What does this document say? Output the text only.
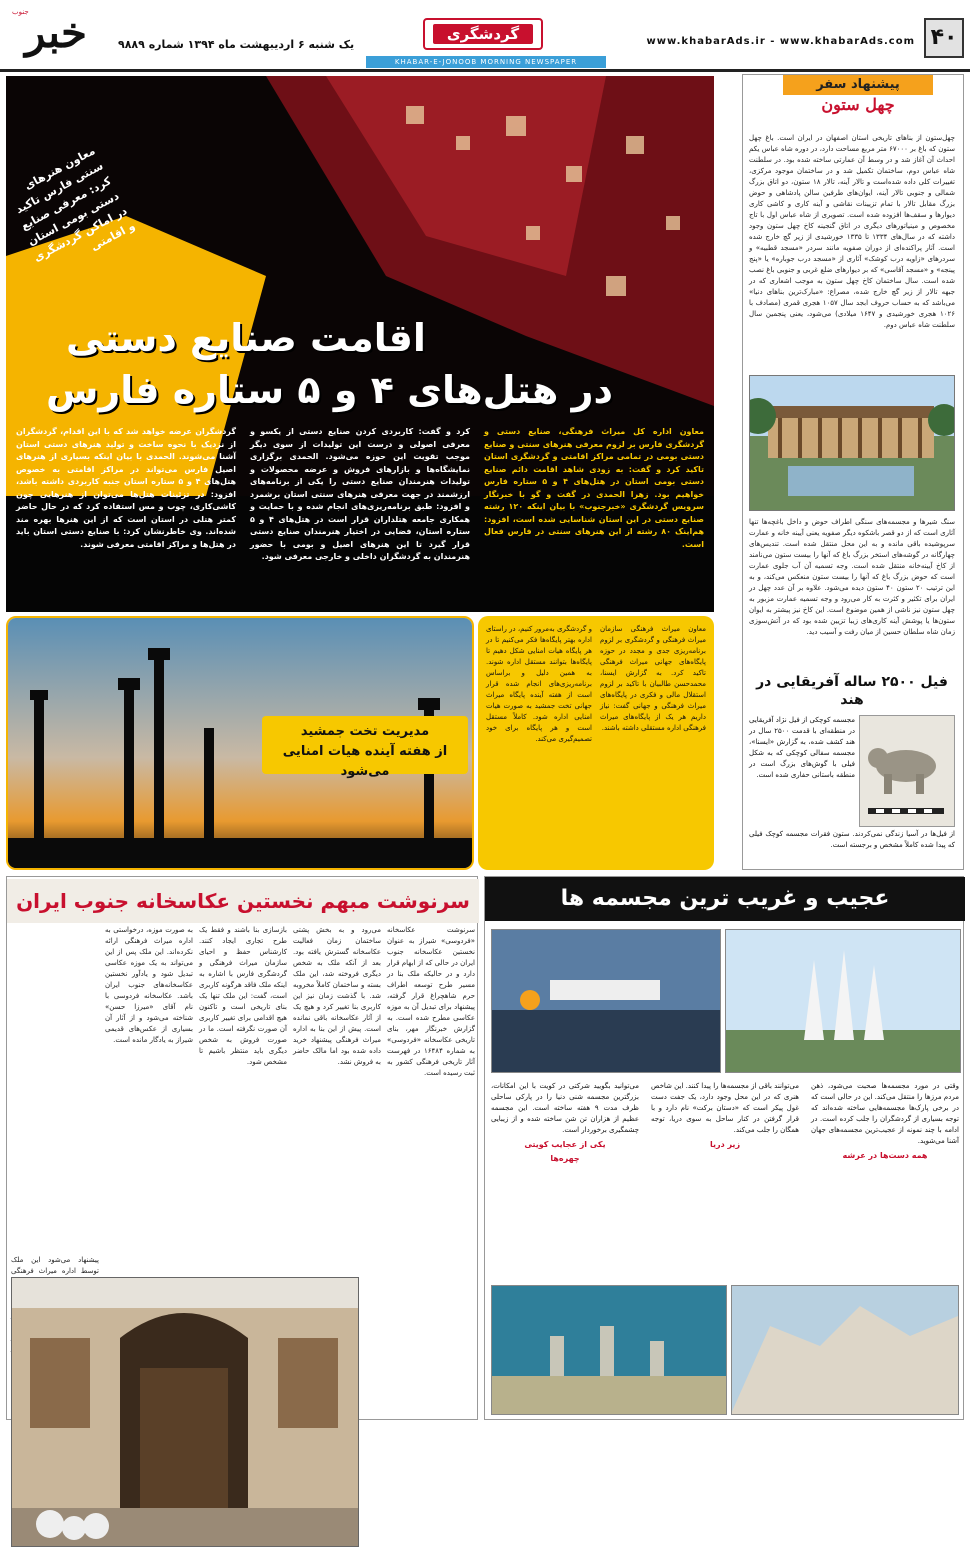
۴۰
www.khabarAds.ir - www.khabarAds.com
گردشگری
یک شنبه ۶ اردیبهشت ماه ۱۳۹۴ شماره ۹۸۸۹
خبر
جنوب
KHABAR-E-JONOOB MORNING NEWSPAPER
پیشنهاد سفر
چهل ستون
چهل‌ستون از بناهای تاریخی استان اصفهان در ایران است. باغ چهل ستون که باغ بر ۶۷۰۰۰ متر مربع مساحت دارد، در دوره شاه عباس یکم احداث آن آغاز شد و در وسط آن عمارتی ساخته شده بود. در سلطنت شاه عباس دوم، ساختمان تکمیل شد و در ساختمان موجود مرکزی، تغییرات کلی داده شده‌است و تالار آینه، تالار ۱۸ ستون، دو اتاق بزرگ شمالی و جنوبی تالار آینه، ایوان‌های طرفین سالن پادشاهی و حوض بزرگ مقابل تالار با تمام تزیینات نقاشی و آینه کاری و کاشی کاری دیوارها و سقف‌ها افزوده شده است. تصویری از شاه عباس اول با تاج مخصوص و مینیاتورهای دیگری در اتاق گنجینه کاخ چهل ستون وجود داشته که در سال‌های ۱۳۳۴ تا ۱۳۳۵ خورشیدی از زیر گچ خارج شده است. آثار پراکنده‌ای از دوران صفویه مانند سردر «مسجد قطبیه» و سردرهای «زاویه درب کوشک» آثاری از «مسجد درب جوباره» یا «پنج پینجه» و «مسجد آقاسی» که بر دیوارهای ضلع غربی و جنوبی باغ نصب شده است. سال ساختمان کاخ چهل ستون به موجب اشعاری که در جبهه تالار از زیر گچ خارج شده، مصراع: «مبارک‌ترین بناهای دنیا» می‌باشد که به حساب حروف ابجد سال ۱۰۵۷ هجری قمری (مصادف با ۱۰۲۶ هجری خورشیدی و ۱۶۴۷ میلادی) می‌شود، یعنی پنجمین سال سلطنت شاه عباس دوم.
سنگ شیرها و مجسمه‌های سنگی اطراف حوض و داخل باغچه‌ها تنها آثاری است که از دو قصر باشکوه دیگر صفویه یعنی آیینه خانه و عمارت سرپوشیده باقی مانده و به این محل منتقل شده است. تندیس‌های چهارگانه در گوشه‌های استخر بزرگ باغ که آنها را بیست ستون می‌نامند از کاخ آیینه‌خانه منتقل شده است. وجه تسمیه آن آب جلوی عمارت است که حوض بزرگ باغ که آنها را بیست ستون منعکس می‌کند، و به این ترتیب ۲۰ ستون ۴۰ ستون دیده می‌شود. علاوه بر آن عدد چهل در ایران برای تکثیر و کثرت به کار می‌رود و وجه تسمیه عمارت مزبور به چهل ستون نیز ناشی از همین موضوع است. این کاخ نیز پیشتر به ایوان ستون‌ها یا پوشش آینه کاری‌های زیبا تزیین شده بود که در آتش‌سوزی زمان شاه سلطان حسین از میان رفت و آسیب دید.
فیل ۲۵۰۰ ساله آفریقایی در هند
مجسمه کوچکی از فیل نژاد آفریقایی در منطقه‌ای با قدمت ۲۵۰۰ سال در هند کشف شده، به گزارش «ایسنا»، مجسمه سفالی کوچکی که به شکل فیلی با گوش‌های بزرگ است در منطقه باستانی حفاری شده است.
از فیل‌ها در آسیا زندگی نمی‌کردند. ستون فقرات مجسمه کوچک فیلی که پیدا شده کاملاً مشخص و برجسته است.
معاون هنرهای سنتی فارس تاکید کرد: معرفی صنایع دستی بومی استان در اماکن گردشگری و اقامتی
اقامت صنایع دستی
در هتل‌های ۴ و ۵ ستاره فارس
معاون اداره کل میراث فرهنگی، صنایع دستی و گردشگری فارس بر لزوم معرفی هنرهای سنتی و صنایع دستی بومی در تمامی مراکز اقامتی و گردشگری استان تاکید کرد و گفت: به زودی شاهد اقامت دائم صنایع دستی بومی استان در هتل‌های ۴ و ۵ ستاره فارس خواهیم بود. زهرا الحمدی در گفت و گو با خبرنگار سرویس گردشگری «خبرجنوب» با بیان اینکه ۱۲۰ رشته صنایع دستی در این استان شناسایی شده است، افزود: هم‌اینک ۸۰ رشته از این هنرهای سنتی در فارس فعال است.
کرد و گفت: کاربردی کردن صنایع دستی از یکسو و معرفی اصولی و درست این تولیدات از سوی دیگر موجب تقویت این حوزه می‌شود. الحمدی برگزاری نمایشگاه‌ها و بازارهای فروش و عرضه محصولات و تولیدات هنرمندان صنایع دستی را یکی از برنامه‌های ارزشمند در جهت معرفی هنرهای سنتی استان برشمرد و افزود: طبق برنامه‌ریزی‌های انجام شده و با حمایت و همکاری جامعه هتلداران قرار است در هتل‌های ۴ و ۵ ستاره استان، فضایی در اختیار هنرمندان صنایع دستی قرار گیرد تا این هنرهای اصیل و بومی با حضور هنرمندان به گردشگران داخلی و خارجی معرفی شود.
گردشگران عرضه خواهد شد که با این اقدام، گردشگران از نزدیک با نحوه ساخت و تولید هنرهای دستی استان آشنا می‌شوند. الحمدی با بیان اینکه بسیاری از هنرهای اصیل فارس می‌تواند در مراکز اقامتی به خصوص هتل‌های ۴ و ۵ ستاره استان جنبه کاربردی داشته باشد، افزود: در تزئینات هتل‌ها می‌توان از هنرهایی چون کاشی‌کاری، چوب و مس استفاده کرد که در حال حاضر کمتر هتلی در استان است که از این هنرها بهره مند شده‌اند. وی خاطرنشان کرد: با صنایع دستی استان باید در هتل‌ها و مراکز اقامتی معرفی شوند.
مدیریت تخت جمشید
از هفته آینده هیات امنایی می‌شود
معاون میراث فرهنگی سازمان میراث فرهنگی و گردشگری بر لزوم برنامه‌ریزی جدی و مجدد در حوزه پایگاه‌های جهانی میراث فرهنگی تاکید کرد. به گزارش ایسنا، محمدحسن طالبیان با تاکید بر لزوم استقلال مالی و فکری در پایگاه‌های میراث فرهنگی و جهانی گفت: نیاز داریم هر یک از پایگاه‌های میراث فرهنگی اداره مستقلی داشته باشند.
و گردشگری به‌مرور کنیم، در راستای اداره بهتر پایگاه‌ها فکر می‌کنیم تا در هر پایگاه هیات امنایی شکل دهیم تا پایگاه‌ها بتوانند مستقل اداره شوند. به همین دلیل و براساس برنامه‌ریزی‌های انجام شده قرار است از هفته آینده پایگاه میراث جهانی تخت جمشید به صورت هیات امنایی اداره شود. کاملاً مستقل است و هر پایگاه برای خود تصمیم‌گیری می‌کند.
سرنوشت مبهم نخستین عکاسخانه جنوب ایران
سرنوشت عکاسخانه «فردوسی» شیراز به عنوان نخستین عکاسخانه جنوب ایران در حالی که از ابهام قرار دارد و در حالیکه ملک بنا در مسیر طرح توسعه اطراف حرم شاهچراغ قرار گرفته، پیشنهاد برای تبدیل آن به موزه عکاسی مطرح شده است. به گزارش خبرنگار مهر، بنای تاریخی عکاسخانه «فردوسی» به شماره ۱۶۴۸۴ در فهرست آثار تاریخی فرهنگی کشور به ثبت رسیده است.
می‌رود و به بخش پشتی ساختمان زمان فعالیت عکاسخانه گسترش یافته بود. بعد از آنکه ملک به شخص دیگری فروخته شد، این ملک بسته و ساختمان کاملاً مخروبه شد. با گذشت زمان نیز این کاربری بنا تغییر کرد و هیچ یک از آثار عکاسخانه باقی نمانده است. پیش از این بنا به اداره میراث فرهنگی پیشنهاد خرید داده شده بود اما مالک حاضر به فروش نشد.
بازسازی بنا باشند و فقط یک طرح تجاری ایجاد کنند. کارشناس حفظ و احیای سازمان میراث فرهنگی و گردشگری فارس با اشاره به اینکه ملک فاقد هرگونه کاربری است، گفت: این ملک تنها یک بنای تاریخی است و تاکنون هیچ اقدامی برای تغییر کاربری آن صورت نگرفته است. ما در صورت فروش به شخص دیگری باید منتظر باشیم تا مشخص شود.
به صورت موزه، درخواستی به اداره میراث فرهنگی ارائه نکرده‌اند. این ملک پس از این می‌تواند به یک موزه عکاسی تبدیل شود و یادآور نخستین عکاسخانه‌های جنوب ایران باشد. عکاسخانه فردوسی با نام آقای «میرزا حسن» شناخته می‌شود و از آثار آن بسیاری از عکس‌های قدیمی شیراز به یادگار مانده است.
پیشنهاد می‌شود این ملک توسط اداره میراث فرهنگی
عجیب و غریب ترین مجسمه ها
وقتی در مورد مجسمه‌ها صحبت می‌شود، ذهن مردم مرزها را منتقل می‌کند. این در حالی است که در برخی پارک‌ها مجسمه‌هایی ساخته شده‌اند که توجه بسیاری از گردشگران را جلب کرده است. در ادامه با چند نمونه از عجیب‌ترین مجسمه‌های جهان آشنا می‌شوید.
همه دست‌ها در عرشه
می‌توانند باقی از مجسمه‌ها را پیدا کنند. این شاخص هنری که در این محل وجود دارد، یک جفت دست غول پیکر است که «دستان برکت» نام دارد و با قرار گرفتن در کنار ساحل به سوی دریا، توجه همگان را جلب می‌کند.
زیر دریا
می‌توانید بگویید شرکتی در کویت با این امکانات، بزرگترین مجسمه شنی دنیا را در پارکی ساحلی ظرف مدت ۹ هفته ساخته است. این مجسمه عظیم از هزاران تن شن ساخته شده و از زیبایی چشمگیری برخوردار است.
یکی از عجایب کویتی
چهره‌ها
